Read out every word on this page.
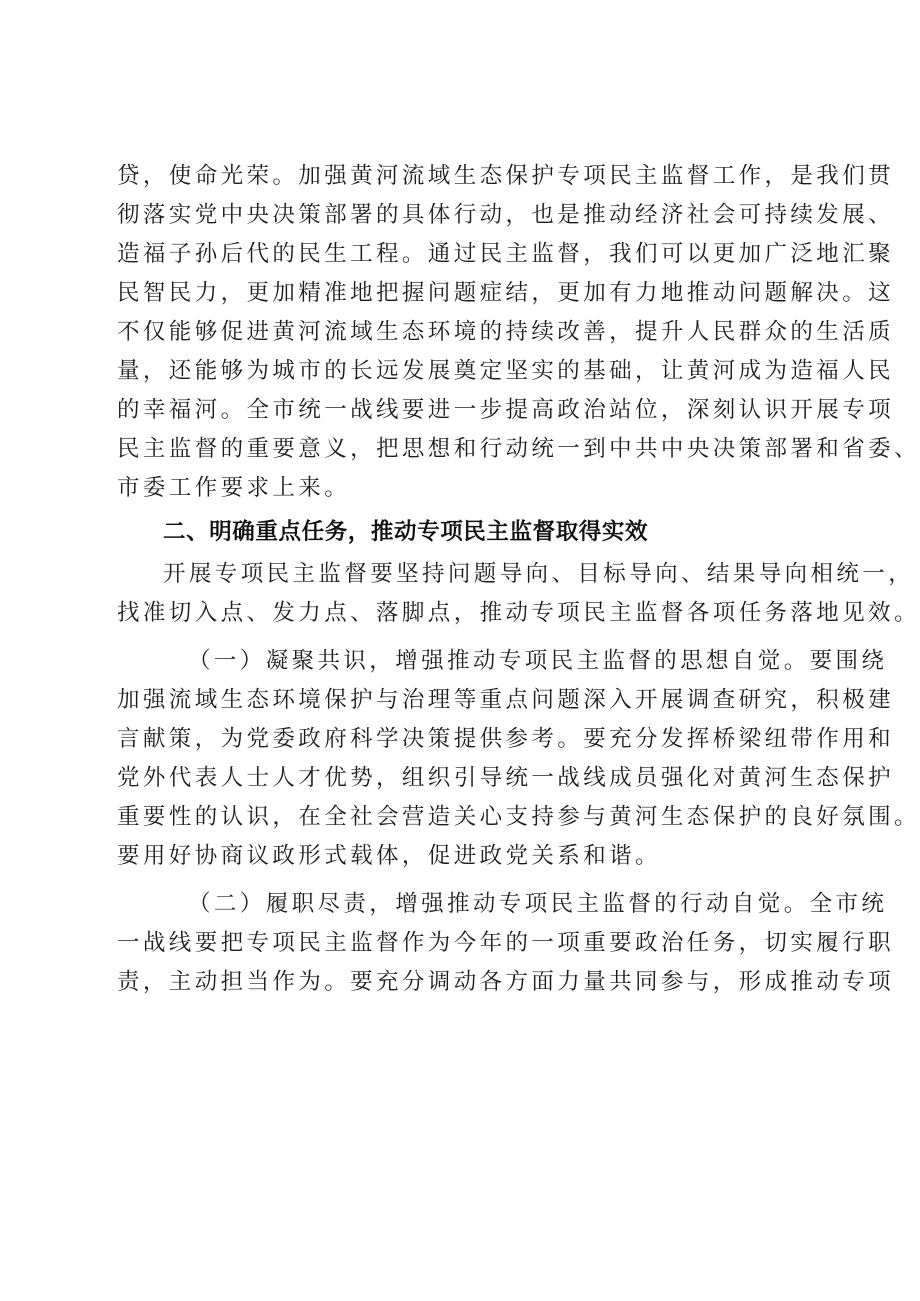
贷，使命光荣。加强黄河流域生态保护专项民主监督工作，是我们贯
彻落实党中央决策部署的具体行动，也是推动经济社会可持续发展、
造福子孙后代的民生工程。通过民主监督，我们可以更加广泛地汇聚
民智民力，更加精准地把握问题症结，更加有力地推动问题解决。这
不仅能够促进黄河流域生态环境的持续改善，提升人民群众的生活质
量，还能够为城市的长远发展奠定坚实的基础，让黄河成为造福人民
的幸福河。全市统一战线要进一步提高政治站位，深刻认识开展专项
民主监督的重要意义，把思想和行动统一到中共中央决策部署和省委、
市委工作要求上来。
二、明确重点任务，推动专项民主监督取得实效
开展专项民主监督要坚持问题导向、目标导向、结果导向相统一，
找准切入点、发力点、落脚点，推动专项民主监督各项任务落地见效。
（一）凝聚共识，增强推动专项民主监督的思想自觉。要围绕
加强流域生态环境保护与治理等重点问题深入开展调查研究，积极建
言献策，为党委政府科学决策提供参考。要充分发挥桥梁纽带作用和
党外代表人士人才优势，组织引导统一战线成员强化对黄河生态保护
重要性的认识，在全社会营造关心支持参与黄河生态保护的良好氛围。
要用好协商议政形式载体，促进政党关系和谐。
（二）履职尽责，增强推动专项民主监督的行动自觉。全市统
一战线要把专项民主监督作为今年的一项重要政治任务，切实履行职
责，主动担当作为。要充分调动各方面力量共同参与，形成推动专项
